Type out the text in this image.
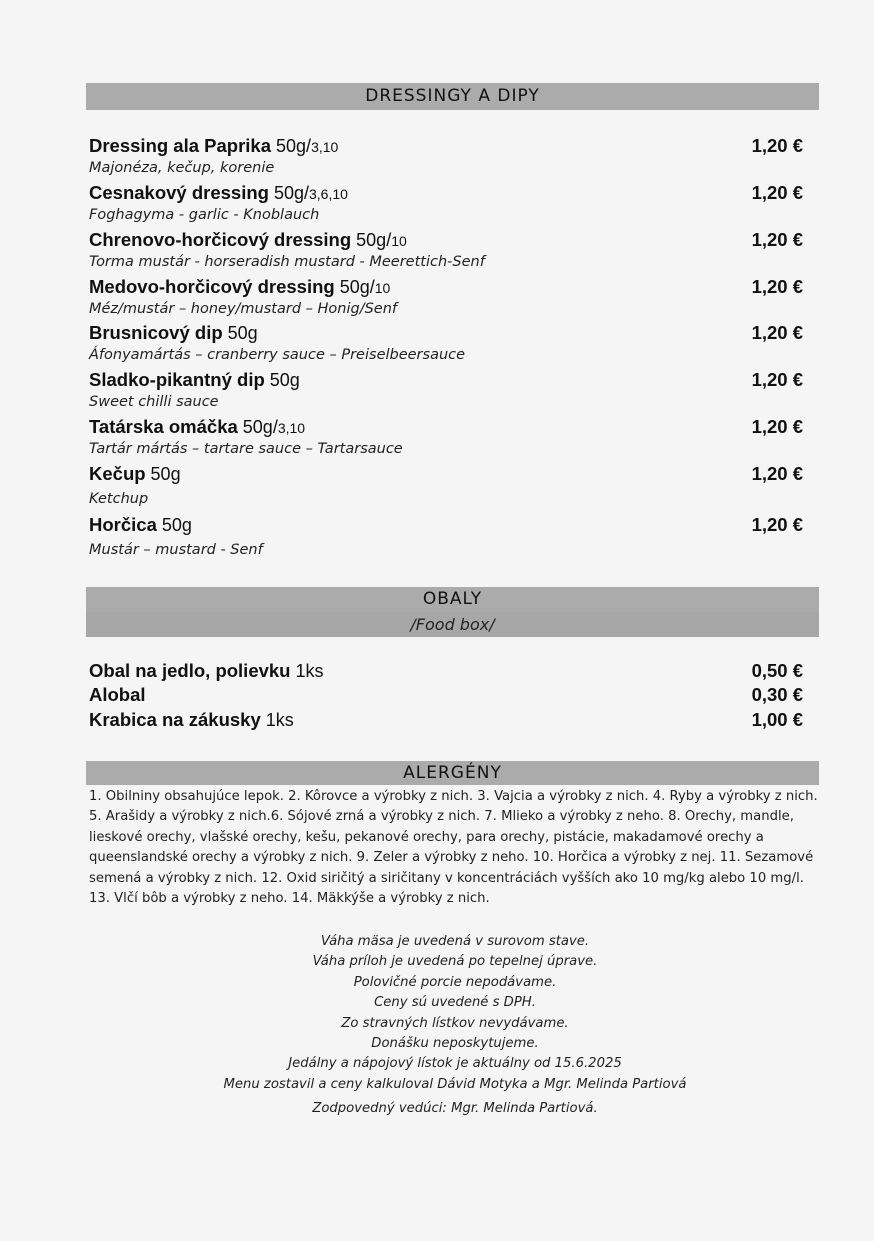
DRESSINGY A DIPY
Dressing ala Paprika 50g/3,10	1,20 €
Majonéza, kečup, korenie
Cesnakový dressing 50g/3,6,10	1,20 €
Foghagyma - garlic - Knoblauch
Chrenovo-horčicový dressing 50g/10	1,20 €
Torma mustár - horseradish mustard - Meerettich-Senf
Medovo-horčicový dressing 50g/10	1,20 €
Méz/mustár – honey/mustard – Honig/Senf
Brusnicový dip 50g	1,20 €
Áfonyamártás – cranberry sauce – Preiselbeersauce
Sladko-pikantný dip 50g	1,20 €
Sweet chilli sauce
Tatárska omáčka 50g/3,10	1,20 €
Tartár mártás – tartare sauce – Tartarsauce
Kečup 50g	1,20 €
Ketchup
Horčica 50g	1,20 €
Mustár – mustard - Senf
OBALY
/Food box/
Obal na jedlo, polievku 1ks	0,50 €
Alobal	0,30 €
Krabica na zákusky 1ks	1,00 €
ALERGÉNY
1. Obilniny obsahujúce lepok. 2. Kôrovce a výrobky z nich. 3. Vajcia a výrobky z nich. 4. Ryby a výrobky z nich.
5. Arašidy a výrobky z nich.6. Sójové zrná a výrobky z nich. 7. Mlieko a výrobky z neho. 8. Orechy, mandle,
lieskové orechy, vlašské orechy, kešu, pekanové orechy, para orechy, pistácie, makadamové orechy a
queenslandské orechy a výrobky z nich. 9. Zeler a výrobky z neho. 10. Horčica a výrobky z nej. 11. Sezamové
semená a výrobky z nich. 12. Oxid siričitý a siričitany v koncentráciách vyšších ako 10 mg/kg alebo 10 mg/l.
13. Vlčí bôb a výrobky z neho. 14. Mäkkýše a výrobky z nich.
Váha mäsa je uvedená v surovom stave.
Váha príloh je uvedená po tepelnej úprave.
Polovičné porcie nepodávame.
Ceny sú uvedené s DPH.
Zo stravných lístkov nevydávame.
Donášku neposkytujeme.
Jedálny a nápojový lístok je aktuálny od 15.6.2025
Menu zostavil a ceny kalkuloval Dávid Motyka a Mgr. Melinda Partiová
Zodpovedný vedúci: Mgr. Melinda Partiová.
